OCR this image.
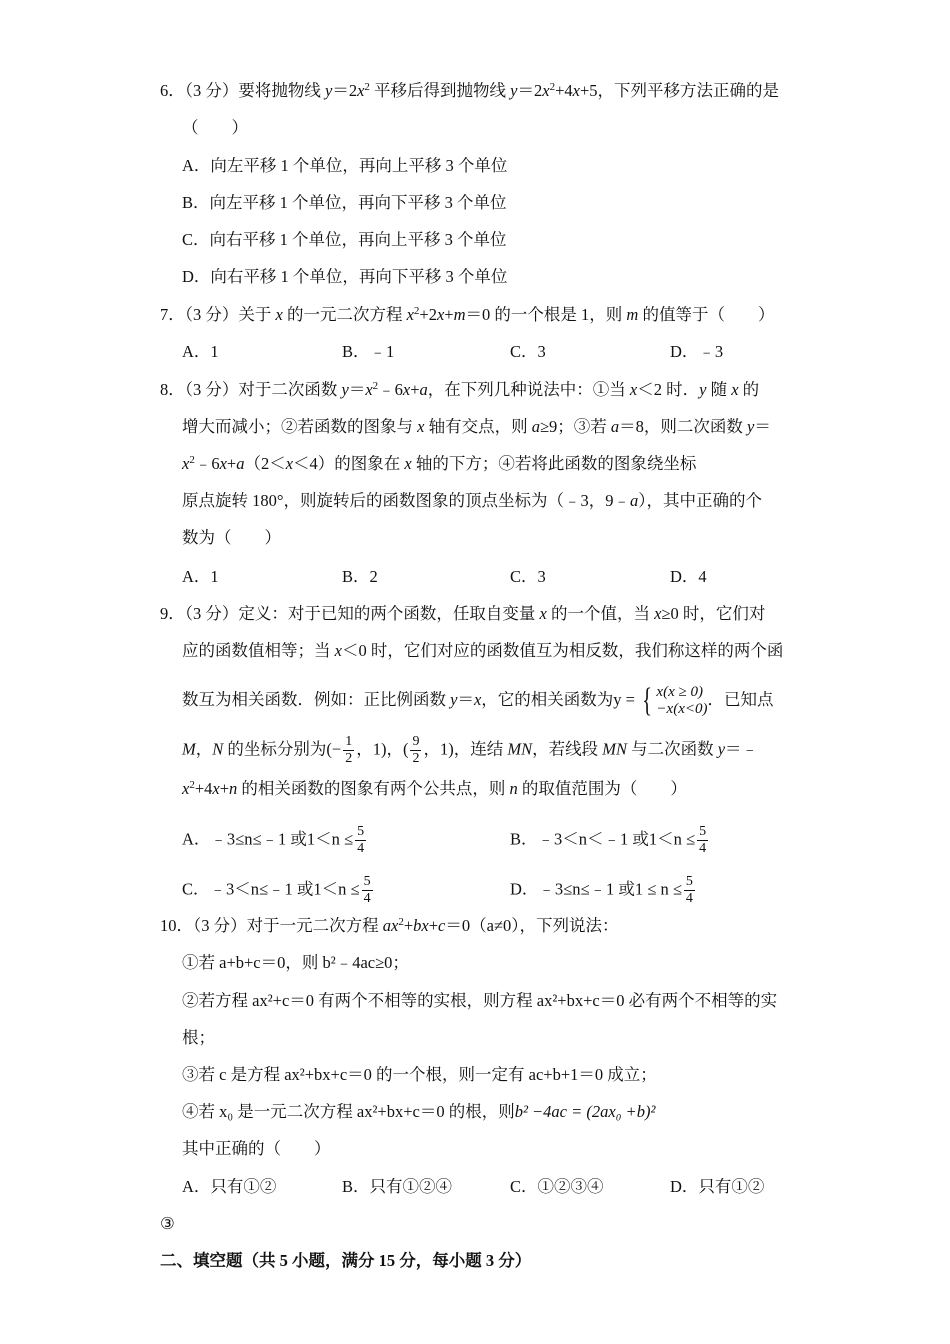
6．（3 分）要将抛物线 $y=2x^2$ 平移后得到抛物线 $y=2x^2+4x+5$，下列平移方法正确的是
（　　）
A．向左平移 1 个单位，再向上平移 3 个单位
B．向左平移 1 个单位，再向下平移 3 个单位
C．向右平移 1 个单位，再向上平移 3 个单位
D．向右平移 1 个单位，再向下平移 3 个单位
7．（3 分）关于 x 的一元二次方程 $x^2+2x+m=0$ 的一个根是 1，则 m 的值等于（　　）
A．1	B．﹣1	C．3	D．﹣3
8．（3 分）对于二次函数 $y=x^2﹣6x+a$，在下列几种说法中：①当 x＜2 时．y 随 x 的
增大而减小；②若函数的图象与 x 轴有交点，则 a≥9；③若 a＝8，则二次函数 y＝
$x^2﹣6x+a(2<x<4)$的图象在 x 轴的下方；④若将此函数的图象绕坐标
原点旋转 180°，则旋转后的函数图象的顶点坐标为（﹣3，9﹣a），其中正确的个
数为（　　）
A．1	B．2	C．3	D．4
9．（3 分）定义：对于已知的两个函数，任取自变量 x 的一个值，当 x≥0 时，它们对
应的函数值相等；当 x＜0 时，它们对应的函数值互为相反数，我们称这样的两个函
数互为相关函数．例如：正比例函数 y＝x，它的相关函数为y = { x(x ≥ 0)
−x(x<0)
．已知点
M，N 的坐标分别为(− $\frac{1}{2}$ ，1)，( $\frac{9}{2}$ ，1)，连结 MN，若线段 MN 与二次函数 y＝﹣
$x^2+4x+n$ 的相关函数的图象有两个公共点，则 n 的取值范围为（　　）
A．﹣3≤n≤﹣1 或$1<n \le \frac{5}{4}$	B．﹣3＜n＜﹣1 或$1<n \le \frac{5}{4}$
C．﹣3＜n≤﹣1 或$1<n \le \frac{5}{4}$	D．﹣3≤n≤﹣1 或$1 \le n \le \frac{5}{4}$
10．（3 分）对于一元二次方程 $ax^2+bx+c=0(a\ne 0)$，下列说法：
①若 a+b+c＝0，则 b²﹣4ac≥0；
②若方程 ax²+c＝0 有两个不相等的实根，则方程 ax²+bx+c＝0 必有两个不相等的实
根；
③若 c 是方程 ax²+bx+c＝0 的一个根，则一定有 ac+b+1＝0 成立；
④若 x₀ 是一元二次方程 ax²+bx+c＝0 的根，则b² −4ac = (2ax₀ +b)²
其中正确的（　　）
A．只有①②	B．只有①②④	C．①②③④	D．只有①②
③
二、填空题（共 5 小题，满分 15 分，每小题 3 分）
